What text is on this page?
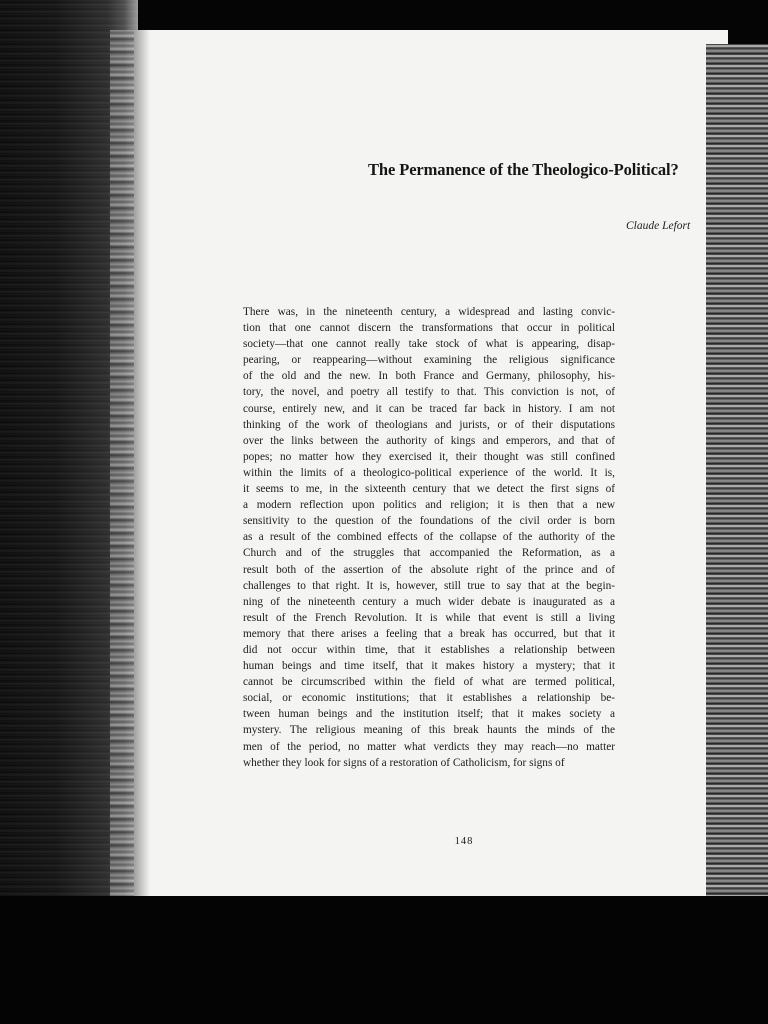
The Permanence of the Theologico-Political?
Claude Lefort
There was, in the nineteenth century, a widespread and lasting convic-
tion that one cannot discern the transformations that occur in political
society—that one cannot really take stock of what is appearing, disap-
pearing, or reappearing—without examining the religious significance
of the old and the new. In both France and Germany, philosophy, his-
tory, the novel, and poetry all testify to that. This conviction is not, of
course, entirely new, and it can be traced far back in history. I am not
thinking of the work of theologians and jurists, or of their disputations
over the links between the authority of kings and emperors, and that of
popes; no matter how they exercised it, their thought was still confined
within the limits of a theologico-political experience of the world. It is,
it seems to me, in the sixteenth century that we detect the first signs of
a modern reflection upon politics and religion; it is then that a new
sensitivity to the question of the foundations of the civil order is born
as a result of the combined effects of the collapse of the authority of the
Church and of the struggles that accompanied the Reformation, as a
result both of the assertion of the absolute right of the prince and of
challenges to that right. It is, however, still true to say that at the begin-
ning of the nineteenth century a much wider debate is inaugurated as a
result of the French Revolution. It is while that event is still a living
memory that there arises a feeling that a break has occurred, but that it
did not occur within time, that it establishes a relationship between
human beings and time itself, that it makes history a mystery; that it
cannot be circumscribed within the field of what are termed political,
social, or economic institutions; that it establishes a relationship be-
tween human beings and the institution itself; that it makes society a
mystery. The religious meaning of this break haunts the minds of the
men of the period, no matter what verdicts they may reach—no matter
whether they look for signs of a restoration of Catholicism, for signs of
148
